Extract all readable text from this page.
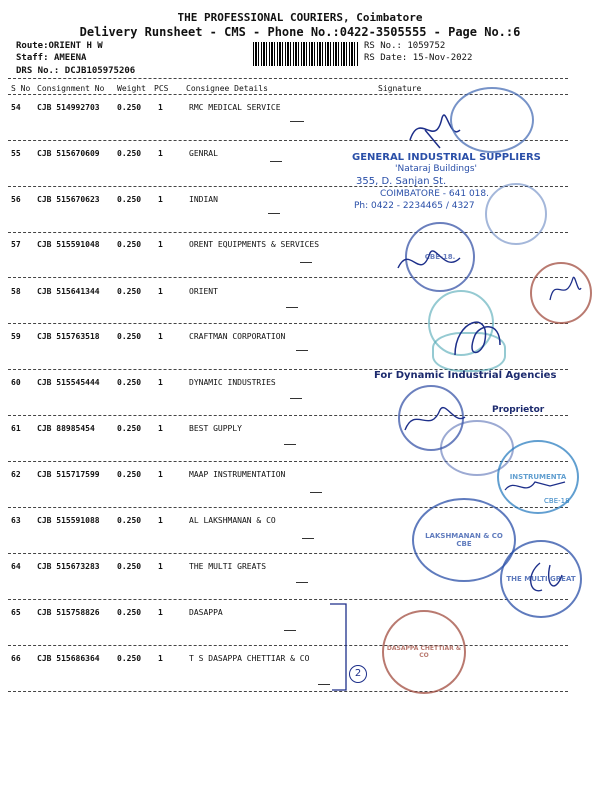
THE PROFESSIONAL COURIERS, Coimbatore
Delivery Runsheet - CMS - Phone No.:0422-3505555 - Page No.:6
Route:ORIENT H W
Staff: AMEENA
DRS No.: DCJB105975206
RS No.: 1059752
RS Date: 15-Nov-2022
S No Consignment No Weight PCS Consignee Details	Signature
54 CJB 514992703 0.250 1	RMC MEDICAL SERVICE
55 CJB 515670609 0.250 1	GENRAL
56 CJB 515670623 0.250 1	INDIAN
57 CJB 515591048 0.250 1	ORENT EQUIPMENTS & SERVICES
58 CJB 515641344 0.250 1	ORIENT
59 CJB 515763518 0.250 1	CRAFTMAN CORPORATION
60 CJB 515545444 0.250 1	DYNAMIC INDUSTRIES
61 CJB 88985454	0.250 1	BEST GUPPLY
62 CJB 515717599 0.250 1	MAAP INSTRUMENTATION
63 CJB 515591088 0.250 1	AL LAKSHMANAN & CO
64 CJB 515673283 0.250 1	THE MULTI GREATS
65 CJB 515758826 0.250 1	DASAPPA
66 CJB 515686364 0.250 1	T S DASAPPA CHETTIAR & CO
2
GENERAL INDUSTRIAL SUPPLIERS
'Nataraj Buildings'
355, D. Sanjan St.
COIMBATORE - 641 018.
Ph: 0422 - 2234465 / 4327
CBE-18.
For Dynamic Industrial Agencies
Proprietor
INSTRUMENTA
CBE-18
LAKSHMANAN & CO
CBE
THE MULTI GREAT
DASAPPA CHETTIAR & CO
